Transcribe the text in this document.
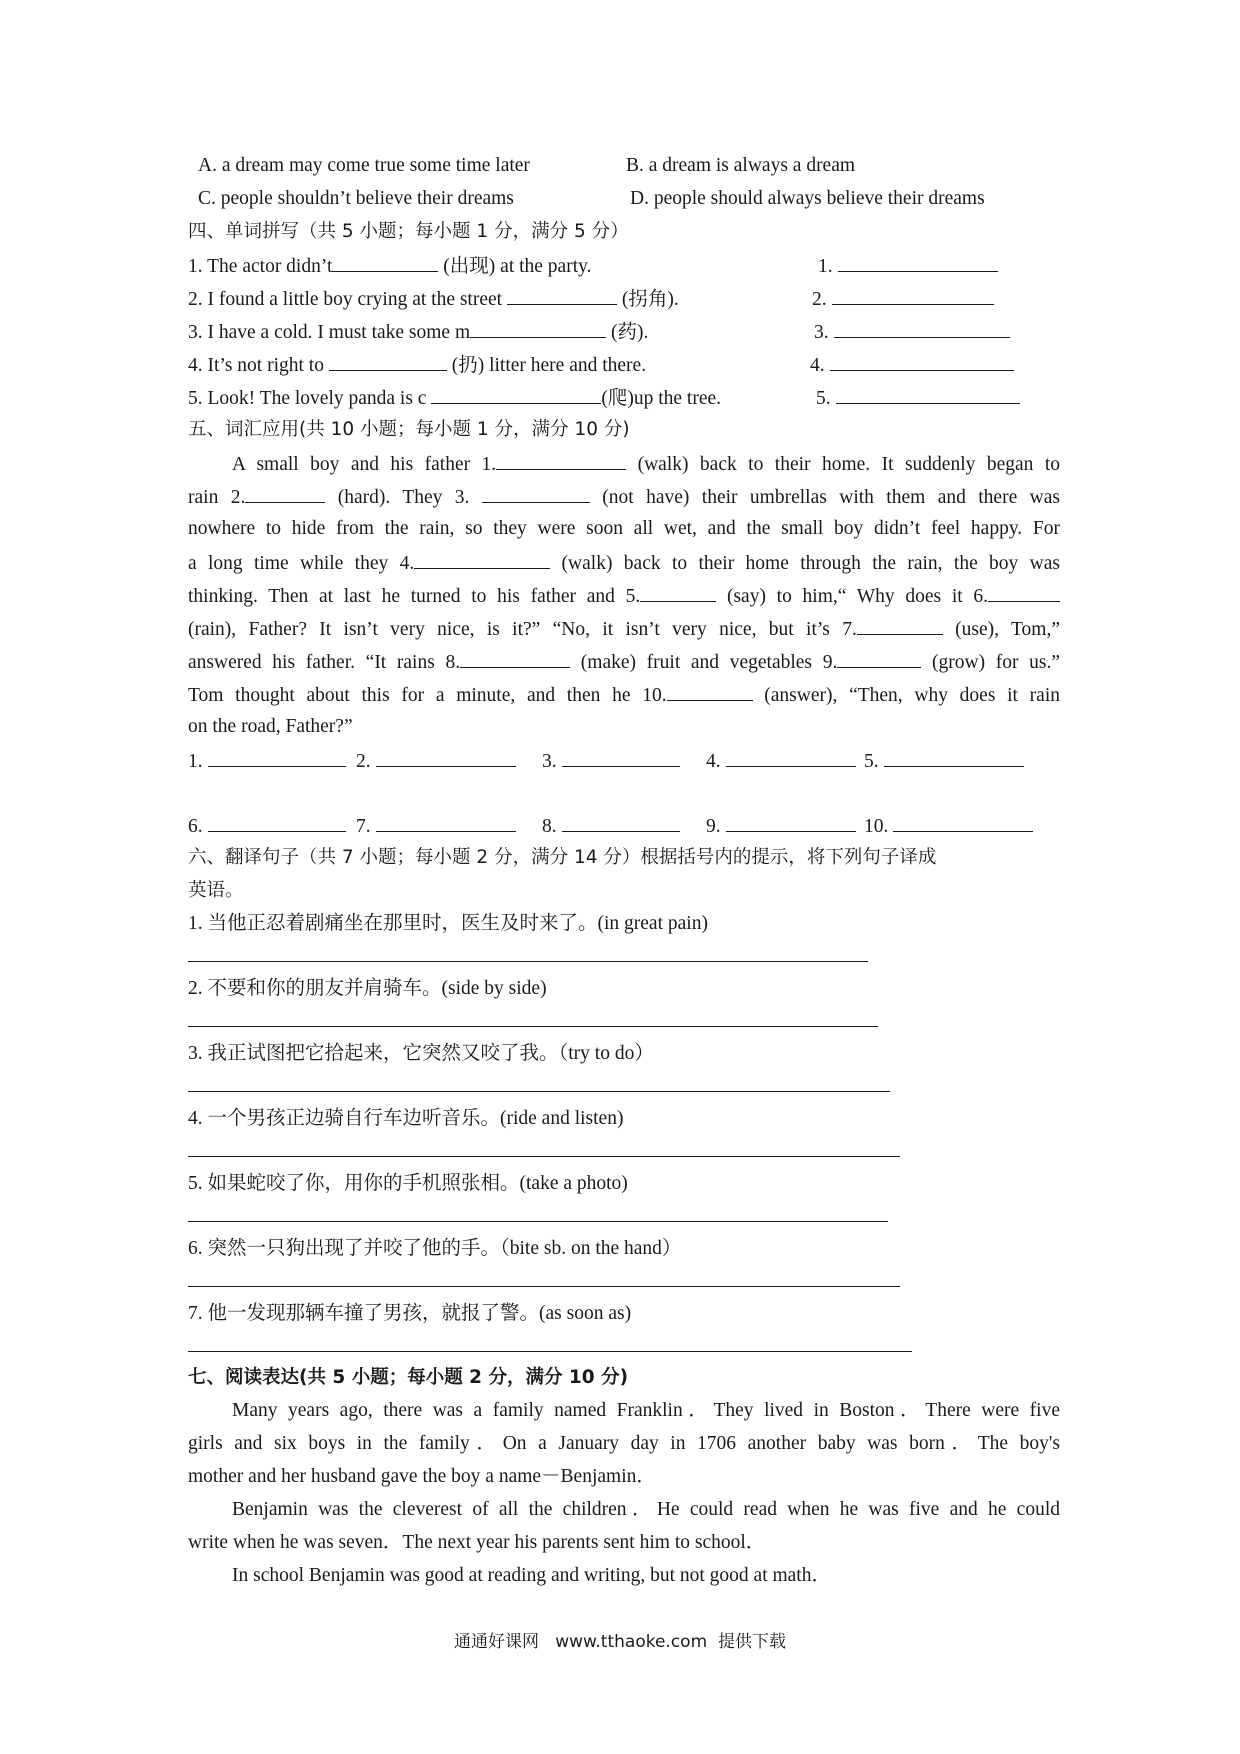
A. a dream may come true some time later	B. a dream is always a dream
C. people shouldn’t believe their dreams	D. people should always believe their dreams
四、单词拼写（共 5 小题；每小题 1 分，满分 5 分）
1. The actor didn’t	(出现) at the party.	1.
2. I found a little boy crying at the street	(拐角).	2.
3. I have a cold. I must take some m	(药).	3.
4. It’s not right to	(扔) litter here and there.	4.
5. Look! The lovely panda is c	(爬)up the tree.	5.
五、词汇应用(共 10 小题；每小题 1 分，满分 10 分)
A small boy and his father 1.	(walk) back to their home. It suddenly began to
rain 2.	(hard). They 3.	(not have) their umbrellas with them and there was
nowhere to hide from the rain, so they were soon all wet, and the small boy didn’t feel happy. For
a long time while they 4.	(walk) back to their home through the rain, the boy was
thinking. Then at last he turned to his father and 5.	(say) to him,“ Why does it 6.
(rain), Father? It isn’t very nice, is it?” “No, it isn’t very nice, but it’s 7.	(use), Tom,”
answered his father. “It rains 8.	(make) fruit and vegetables 9.	(grow) for us.”
Tom thought about this for a minute, and then he 10.	(answer), “Then, why does it rain
on the road, Father?”
1.	2.	3.	4.	5.
6.	7.	8.	9.	10.
六、翻译句子（共 7 小题；每小题 2 分，满分 14 分）根据括号内的提示，将下列句子译成
英语。
1. 当他正忍着剧痛坐在那里时，医生及时来了。(in great pain)
2. 不要和你的朋友并肩骑车。(side by side)
3. 我正试图把它拾起来，它突然又咬了我。（try to do）
4. 一个男孩正边骑自行车边听音乐。(ride and listen)
5. 如果蛇咬了你，用你的手机照张相。(take a photo)
6. 突然一只狗出现了并咬了他的手。（bite sb. on the hand）
7. 他一发现那辆车撞了男孩，就报了警。(as soon as)
七、阅读表达(共 5 小题；每小题 2 分，满分 10 分)
Many years ago, there was a family named Franklin．They lived in Boston．There were five
girls and six boys in the family．On a January day in 1706 another baby was born．The boy's
mother and her husband gave the boy a name－Benjamin．
Benjamin was the cleverest of all the children．He could read when he was five and he could
write when he was seven．The next year his parents sent him to school．
In school Benjamin was good at reading and writing, but not good at math．
通通好课网   www.tthaoke.com  提供下载
